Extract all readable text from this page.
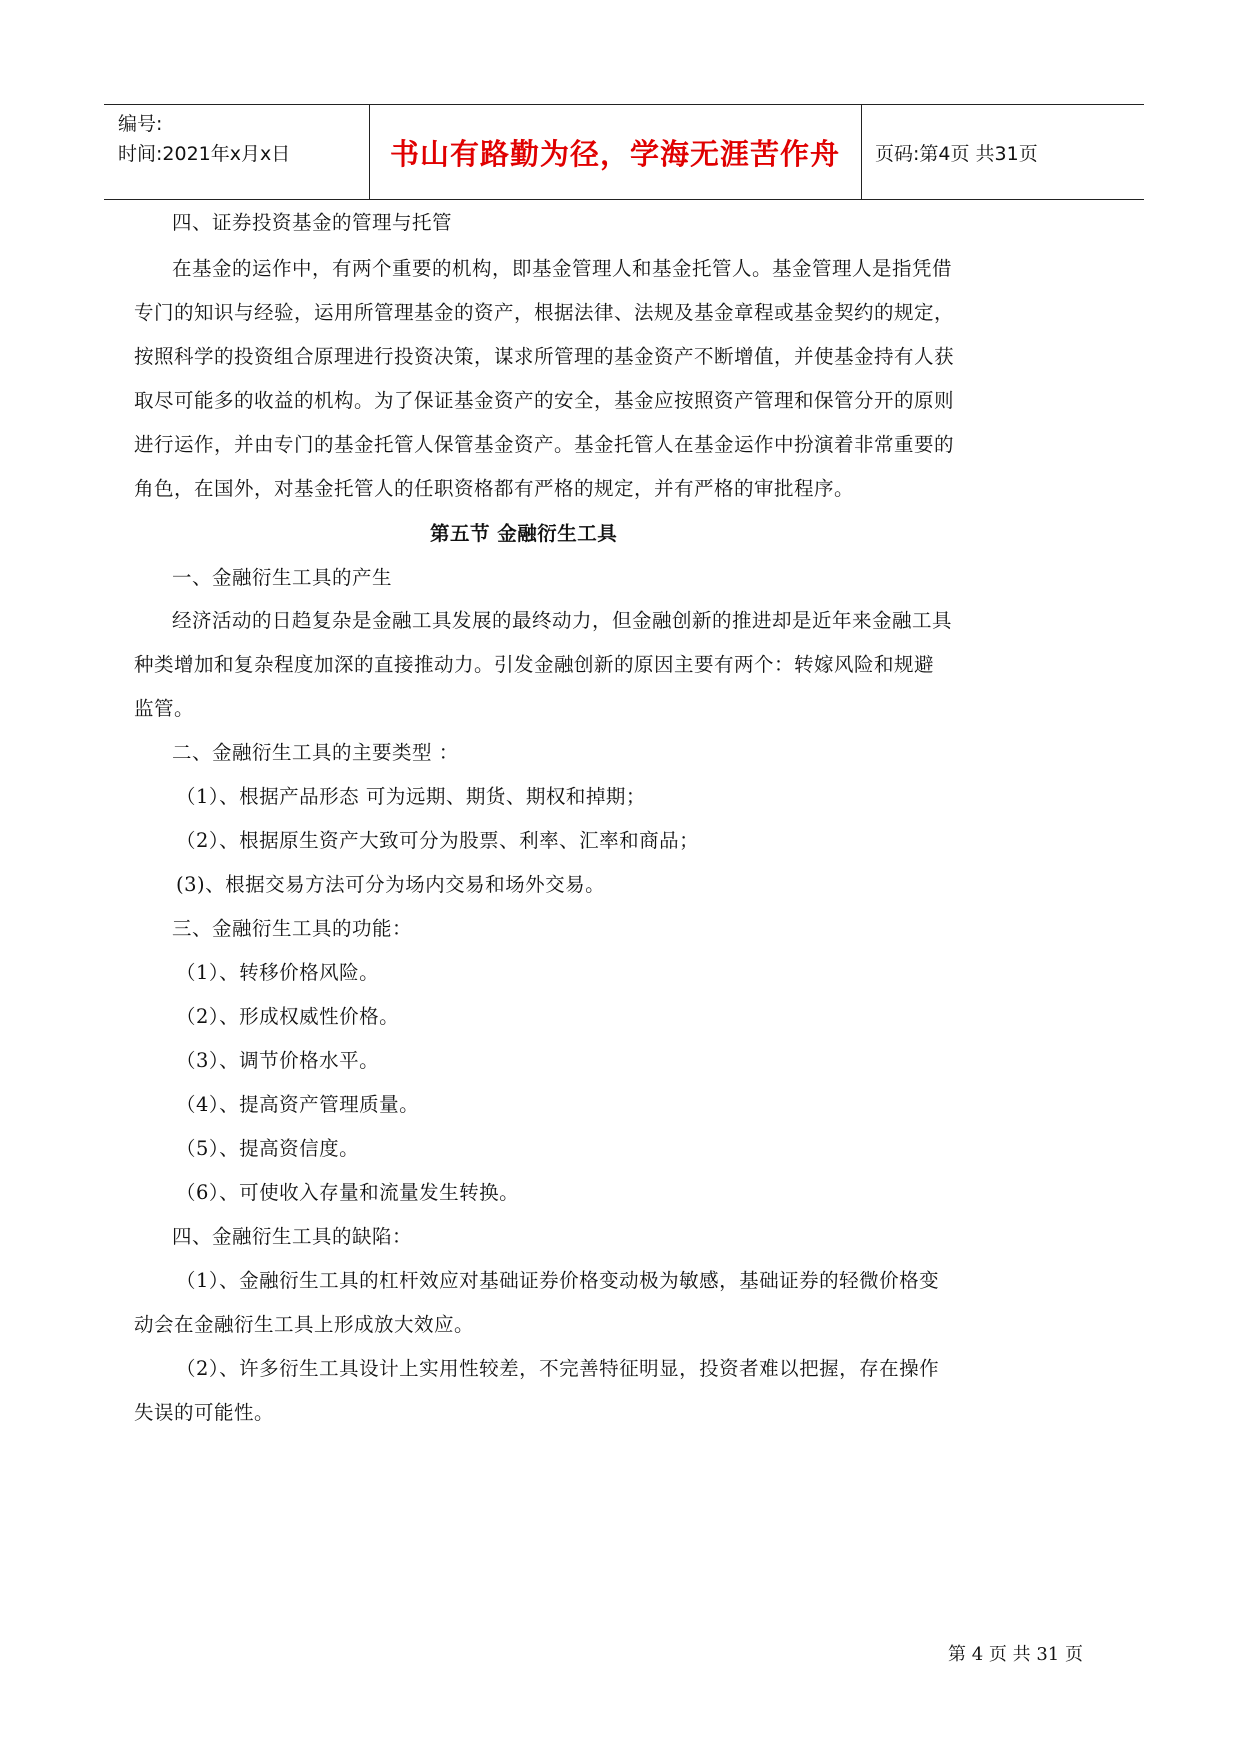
编号:
时间:2021年x月x日	书山有路勤为径，学海无涯苦作舟 页码:第4页 共31页
四、证券投资基金的管理与托管
在基金的运作中，有两个重要的机构，即基金管理人和基金托管人。基金管理人是指凭借
专门的知识与经验，运用所管理基金的资产，根据法律、法规及基金章程或基金契约的规定，
按照科学的投资组合原理进行投资决策，谋求所管理的基金资产不断增值，并使基金持有人获
取尽可能多的收益的机构。为了保证基金资产的安全，基金应按照资产管理和保管分开的原则
进行运作，并由专门的基金托管人保管基金资产。基金托管人在基金运作中扮演着非常重要的
角色，在国外，对基金托管人的任职资格都有严格的规定，并有严格的审批程序。
第五节 金融衍生工具
一、金融衍生工具的产生
经济活动的日趋复杂是金融工具发展的最终动力，但金融创新的推进却是近年来金融工具
种类增加和复杂程度加深的直接推动力。引发金融创新的原因主要有两个：转嫁风险和规避
监管。
二、金融衍生工具的主要类型 ：
（1）、根据产品形态 可为远期、期货、期权和掉期；
（2）、根据原生资产大致可分为股票、利率、汇率和商品；
(3)、根据交易方法可分为场内交易和场外交易。
三、金融衍生工具的功能：
（1）、转移价格风险。
（2）、形成权威性价格。
（3）、调节价格水平。
（4）、提高资产管理质量。
（5）、提高资信度。
（6）、可使收入存量和流量发生转换。
四、金融衍生工具的缺陷：
（1）、金融衍生工具的杠杆效应对基础证券价格变动极为敏感，基础证券的轻微价格变
动会在金融衍生工具上形成放大效应。
（2）、许多衍生工具设计上实用性较差，不完善特征明显，投资者难以把握，存在操作
失误的可能性。
第 4 页 共 31 页
